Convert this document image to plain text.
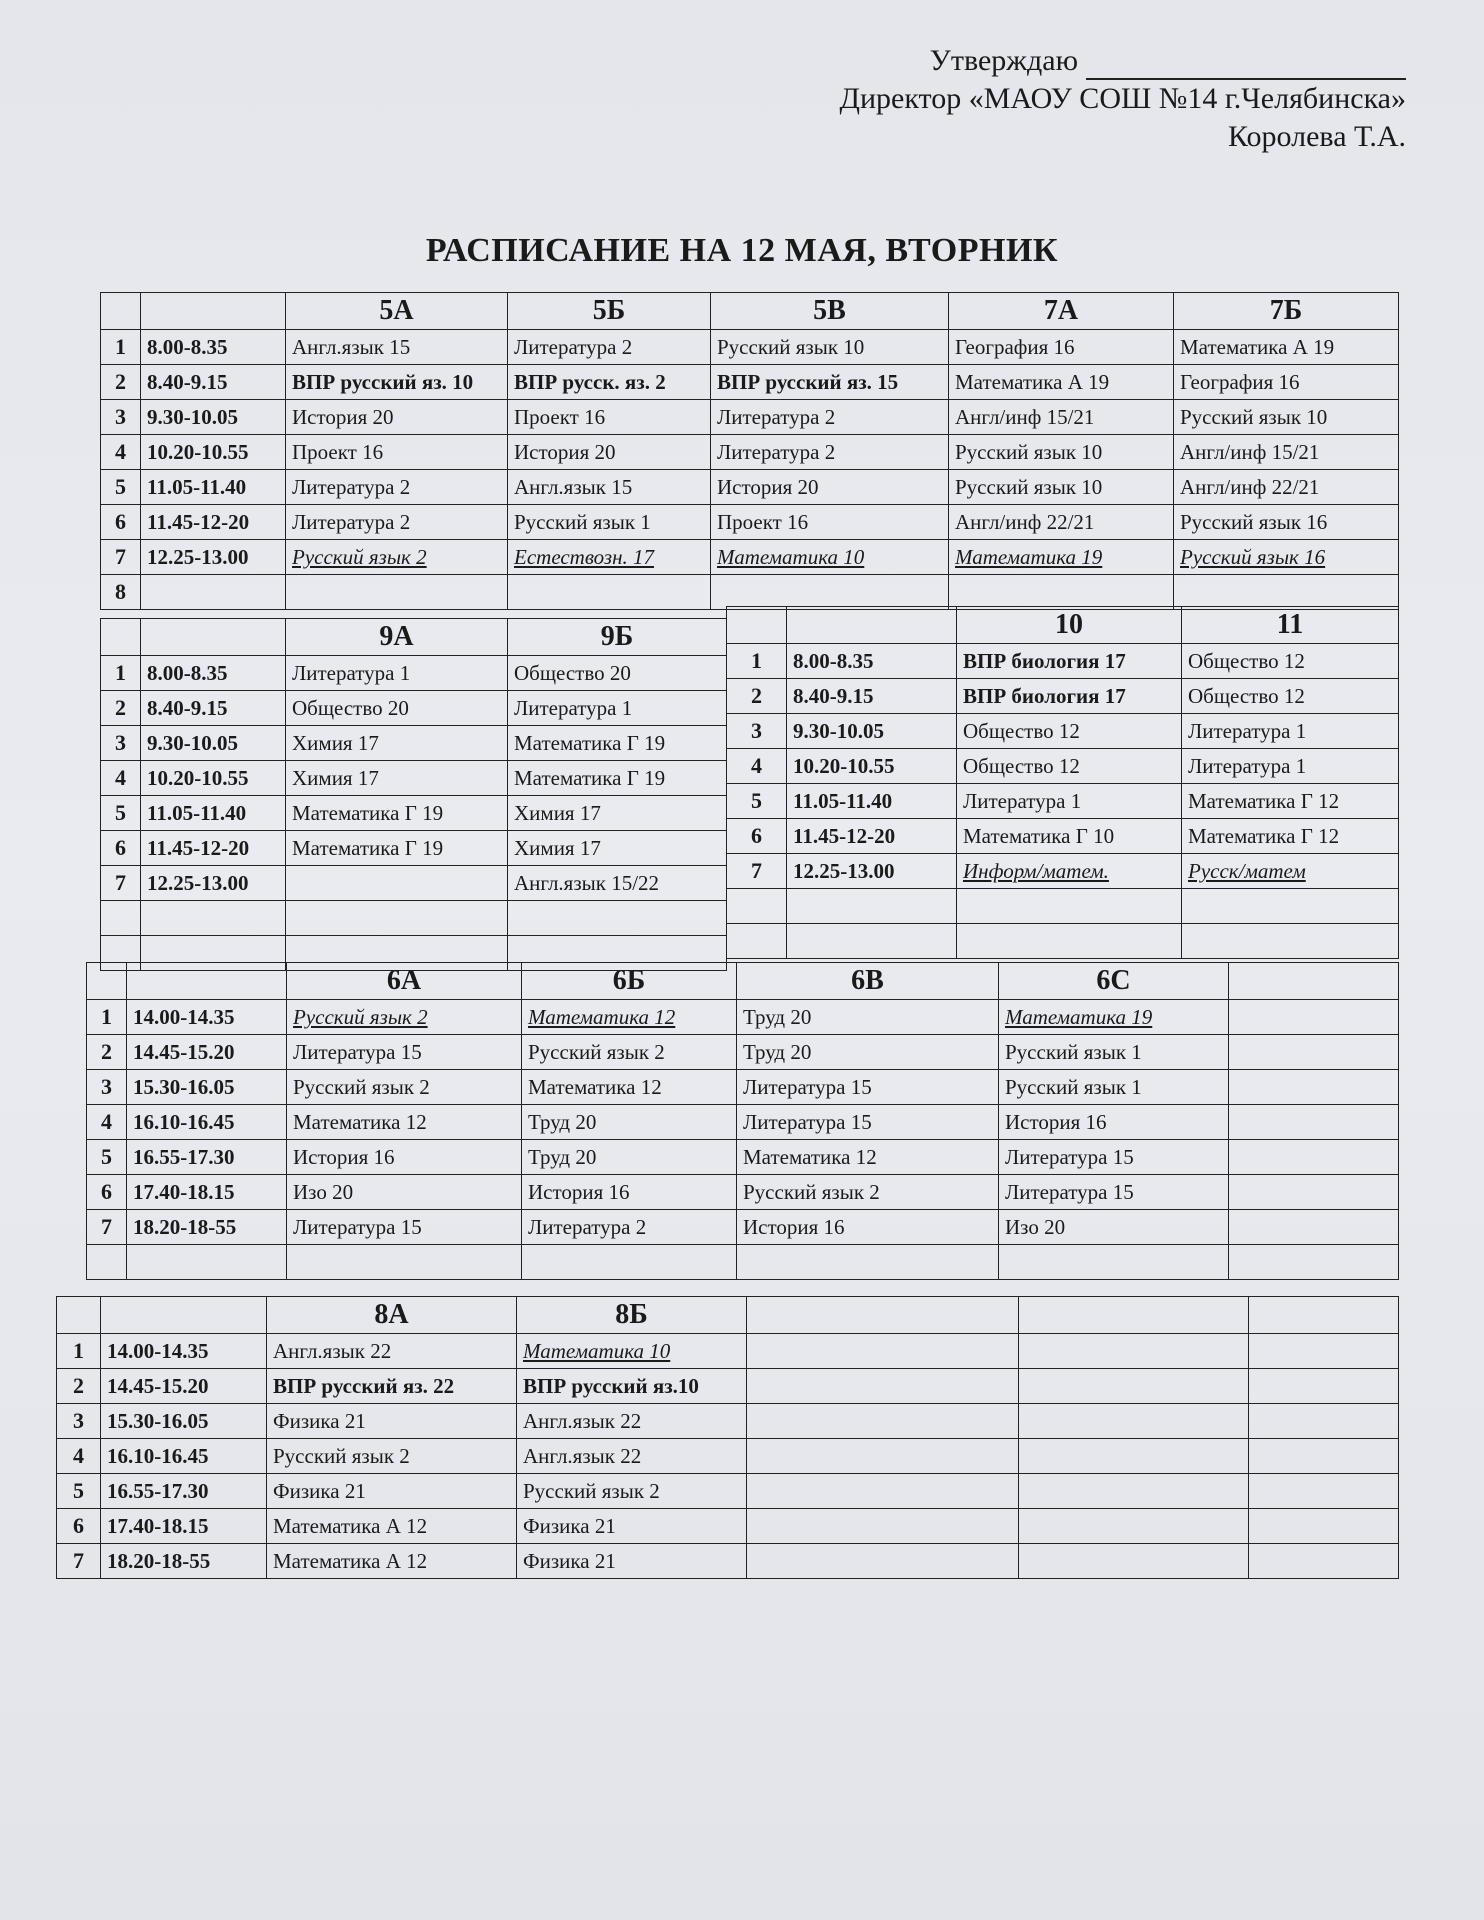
Утверждаю
Директор «МАОУ СОШ №14 г.Челябинска»
Королева Т.А.
РАСПИСАНИЕ НА 12 МАЯ, ВТОРНИК
		5А	5Б	5В	7А	7Б
1	8.00-8.35	Англ.язык 15	Литература 2	Русский язык 10	География 16	Математика А 19
2	8.40-9.15	ВПР русский яз. 10	ВПР русск. яз. 2	ВПР русский яз. 15	Математика А 19	География 16
3	9.30-10.05	История 20	Проект 16	Литература 2	Англ/инф 15/21	Русский язык 10
4	10.20-10.55	Проект 16	История 20	Литература 2	Русский язык 10	Англ/инф 15/21
5	11.05-11.40	Литература 2	Англ.язык 15	История 20	Русский язык 10	Англ/инф 22/21
6	11.45-12-20	Литература 2	Русский язык 1	Проект 16	Англ/инф 22/21	Русский язык 16
7	12.25-13.00	Русский язык 2	Естествозн. 17	Математика 10	Математика 19	Русский язык 16
8						
		9А	9Б
1	8.00-8.35	Литература 1	Общество 20
2	8.40-9.15	Общество 20	Литература 1
3	9.30-10.05	Химия 17	Математика Г 19
4	10.20-10.55	Химия 17	Математика Г 19
5	11.05-11.40	Математика Г 19	Химия 17
6	11.45-12-20	Математика Г 19	Химия 17
7	12.25-13.00		Англ.язык 15/22

		10	11
1	8.00-8.35	ВПР биология 17	Общество 12
2	8.40-9.15	ВПР биология 17	Общество 12
3	9.30-10.05	Общество 12	Литература 1
4	10.20-10.55	Общество 12	Литература 1
5	11.05-11.40	Литература 1	Математика Г 12
6	11.45-12-20	Математика Г 10	Математика Г 12
7	12.25-13.00	Информ/матем.	Русск/матем

		6А	6Б	6В	6С	
1	14.00-14.35	Русский язык 2	Математика 12	Труд 20	Математика 19	
2	14.45-15.20	Литература 15	Русский язык 2	Труд 20	Русский язык 1	
3	15.30-16.05	Русский язык 2	Математика 12	Литература 15	Русский язык 1	
4	16.10-16.45	Математика 12	Труд 20	Литература 15	История 16	
5	16.55-17.30	История 16	Труд 20	Математика 12	Литература 15	
6	17.40-18.15	Изо 20	История 16	Русский язык 2	Литература 15	
7	18.20-18-55	Литература 15	Литература 2	История 16	Изо 20	

		8А	8Б			
1	14.00-14.35	Англ.язык 22	Математика 10			
2	14.45-15.20	ВПР русский яз. 22	ВПР русский яз.10			
3	15.30-16.05	Физика 21	Англ.язык 22			
4	16.10-16.45	Русский язык 2	Англ.язык 22			
5	16.55-17.30	Физика 21	Русский язык 2			
6	17.40-18.15	Математика А 12	Физика 21			
7	18.20-18-55	Математика А 12	Физика 21			
